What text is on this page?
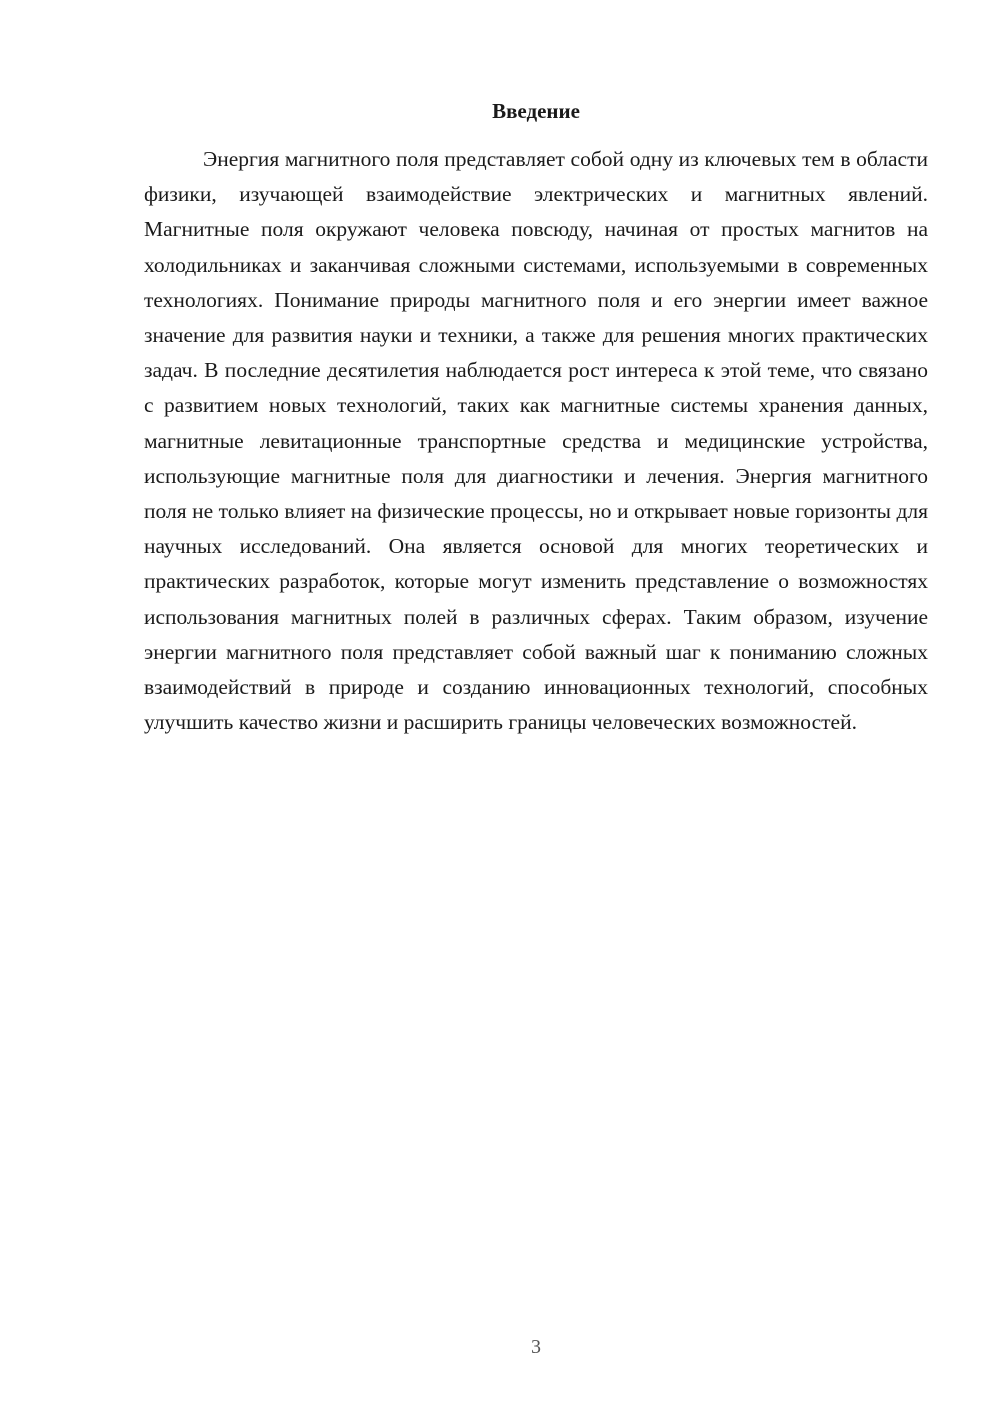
Введение

Энергия магнитного поля представляет собой одну из ключевых тем в области физики, изучающей взаимодействие электрических и магнитных явлений. Магнитные поля окружают человека повсюду, начиная от простых магнитов на холодильниках и заканчивая сложными системами, используемыми в современных технологиях. Понимание природы магнитного поля и его энергии имеет важное значение для развития науки и техники, а также для решения многих практических задач. В последние десятилетия наблюдается рост интереса к этой теме, что связано с развитием новых технологий, таких как магнитные системы хранения данных, магнитные левитационные транспортные средства и медицинские устройства, использующие магнитные поля для диагностики и лечения. Энергия магнитного поля не только влияет на физические процессы, но и открывает новые горизонты для научных исследований. Она является основой для многих теоретических и практических разработок, которые могут изменить представление о возможностях использования магнитных полей в различных сферах. Таким образом, изучение энергии магнитного поля представляет собой важный шаг к пониманию сложных взаимодействий в природе и созданию инновационных технологий, способных улучшить качество жизни и расширить границы человеческих возможностей.

3
